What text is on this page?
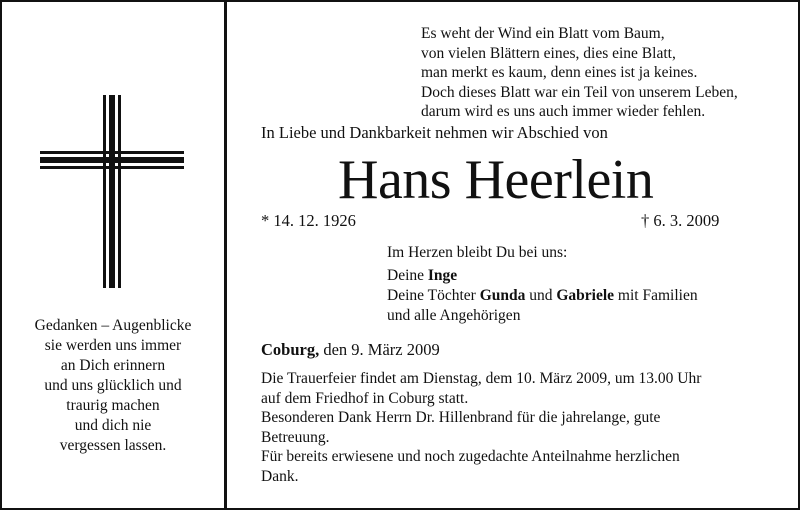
Gedanken – Augenblicke
sie werden uns immer
an Dich erinnern
und uns glücklich und
traurig machen
und dich nie
vergessen lassen.
Es weht der Wind ein Blatt vom Baum,
von vielen Blättern eines, dies eine Blatt,
man merkt es kaum, denn eines ist ja keines.
Doch dieses Blatt war ein Teil von unserem Leben,
darum wird es uns auch immer wieder fehlen.
In Liebe und Dankbarkeit nehmen wir Abschied von
Hans Heerlein
* 14. 12. 1926	† 6. 3. 2009
Im Herzen bleibt Du bei uns:
Deine Inge
Deine Töchter Gunda und Gabriele mit Familien
und alle Angehörigen
Coburg, den 9. März 2009
Die Trauerfeier findet am Dienstag, dem 10. März 2009, um 13.00 Uhr
auf dem Friedhof in Coburg statt.
Besonderen Dank Herrn Dr. Hillenbrand für die jahrelange, gute
Betreuung.
Für bereits erwiesene und noch zugedachte Anteilnahme herzlichen
Dank.
